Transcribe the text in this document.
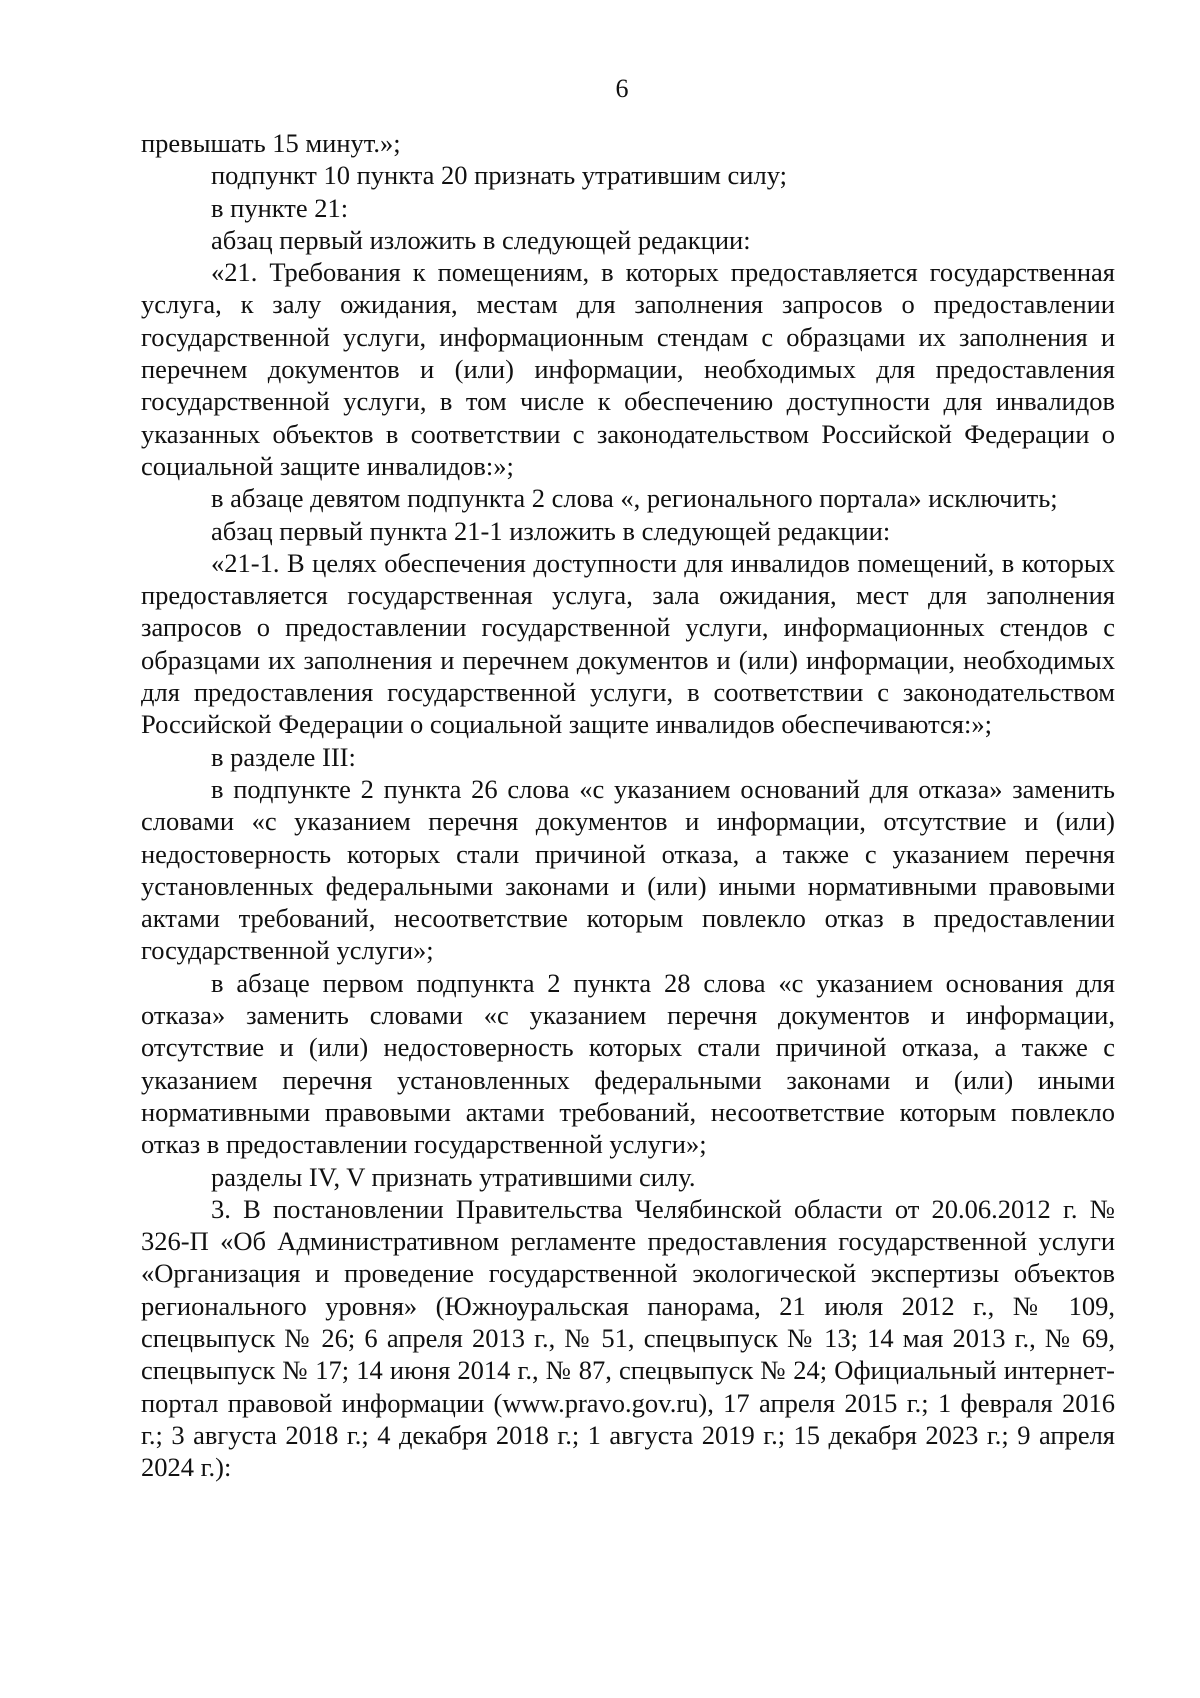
6

превышать 15 минут.»;

подпункт 10 пункта 20 признать утратившим силу;

в пункте 21:

абзац первый изложить в следующей редакции:

«21. Требования к помещениям, в которых предоставляется государственная услуга, к залу ожидания, местам для заполнения запросов о предоставлении государственной услуги, информационным стендам с образцами их заполнения и перечнем документов и (или) информации, необходимых для предоставления государственной услуги, в том числе к обеспечению доступности для инвалидов указанных объектов в соответствии с законодательством Российской Федерации о социальной защите инвалидов:»;

в абзаце девятом подпункта 2 слова «, регионального портала» исключить;

абзац первый пункта 21-1 изложить в следующей редакции:

«21-1. В целях обеспечения доступности для инвалидов помещений, в которых предоставляется государственная услуга, зала ожидания, мест для заполнения запросов о предоставлении государственной услуги, информационных стендов с образцами их заполнения и перечнем документов и (или) информации, необходимых для предоставления государственной услуги, в соответствии с законодательством Российской Федерации о социальной защите инвалидов обеспечиваются:»;

в разделе III:

в подпункте 2 пункта 26 слова «с указанием оснований для отказа» заменить словами «с указанием перечня документов и информации, отсутствие и (или) недостоверность которых стали причиной отказа, а также с указанием перечня установленных федеральными законами и (или) иными нормативными правовыми актами требований, несоответствие которым повлекло отказ в предоставлении государственной услуги»;

в абзаце первом подпункта 2 пункта 28 слова «с указанием основания для отказа» заменить словами «с указанием перечня документов и информации, отсутствие и (или) недостоверность которых стали причиной отказа, а также с указанием перечня установленных федеральными законами и (или) иными нормативными правовыми актами требований, несоответствие которым повлекло отказ в предоставлении государственной услуги»;

разделы IV, V признать утратившими силу.

3. В постановлении Правительства Челябинской области от 20.06.2012 г. № 326-П «Об Административном регламенте предоставления государственной услуги «Организация и проведение государственной экологической экспертизы объектов регионального уровня» (Южноуральская панорама, 21 июля 2012 г., № 109, спецвыпуск № 26; 6 апреля 2013 г., № 51, спецвыпуск № 13; 14 мая 2013 г., № 69, спецвыпуск № 17; 14 июня 2014 г., № 87, спецвыпуск № 24; Официальный интернет-портал правовой информации (www.pravo.gov.ru), 17 апреля 2015 г.; 1 февраля 2016 г.; 3 августа 2018 г.; 4 декабря 2018 г.; 1 августа 2019 г.; 15 декабря 2023 г.; 9 апреля 2024 г.):
